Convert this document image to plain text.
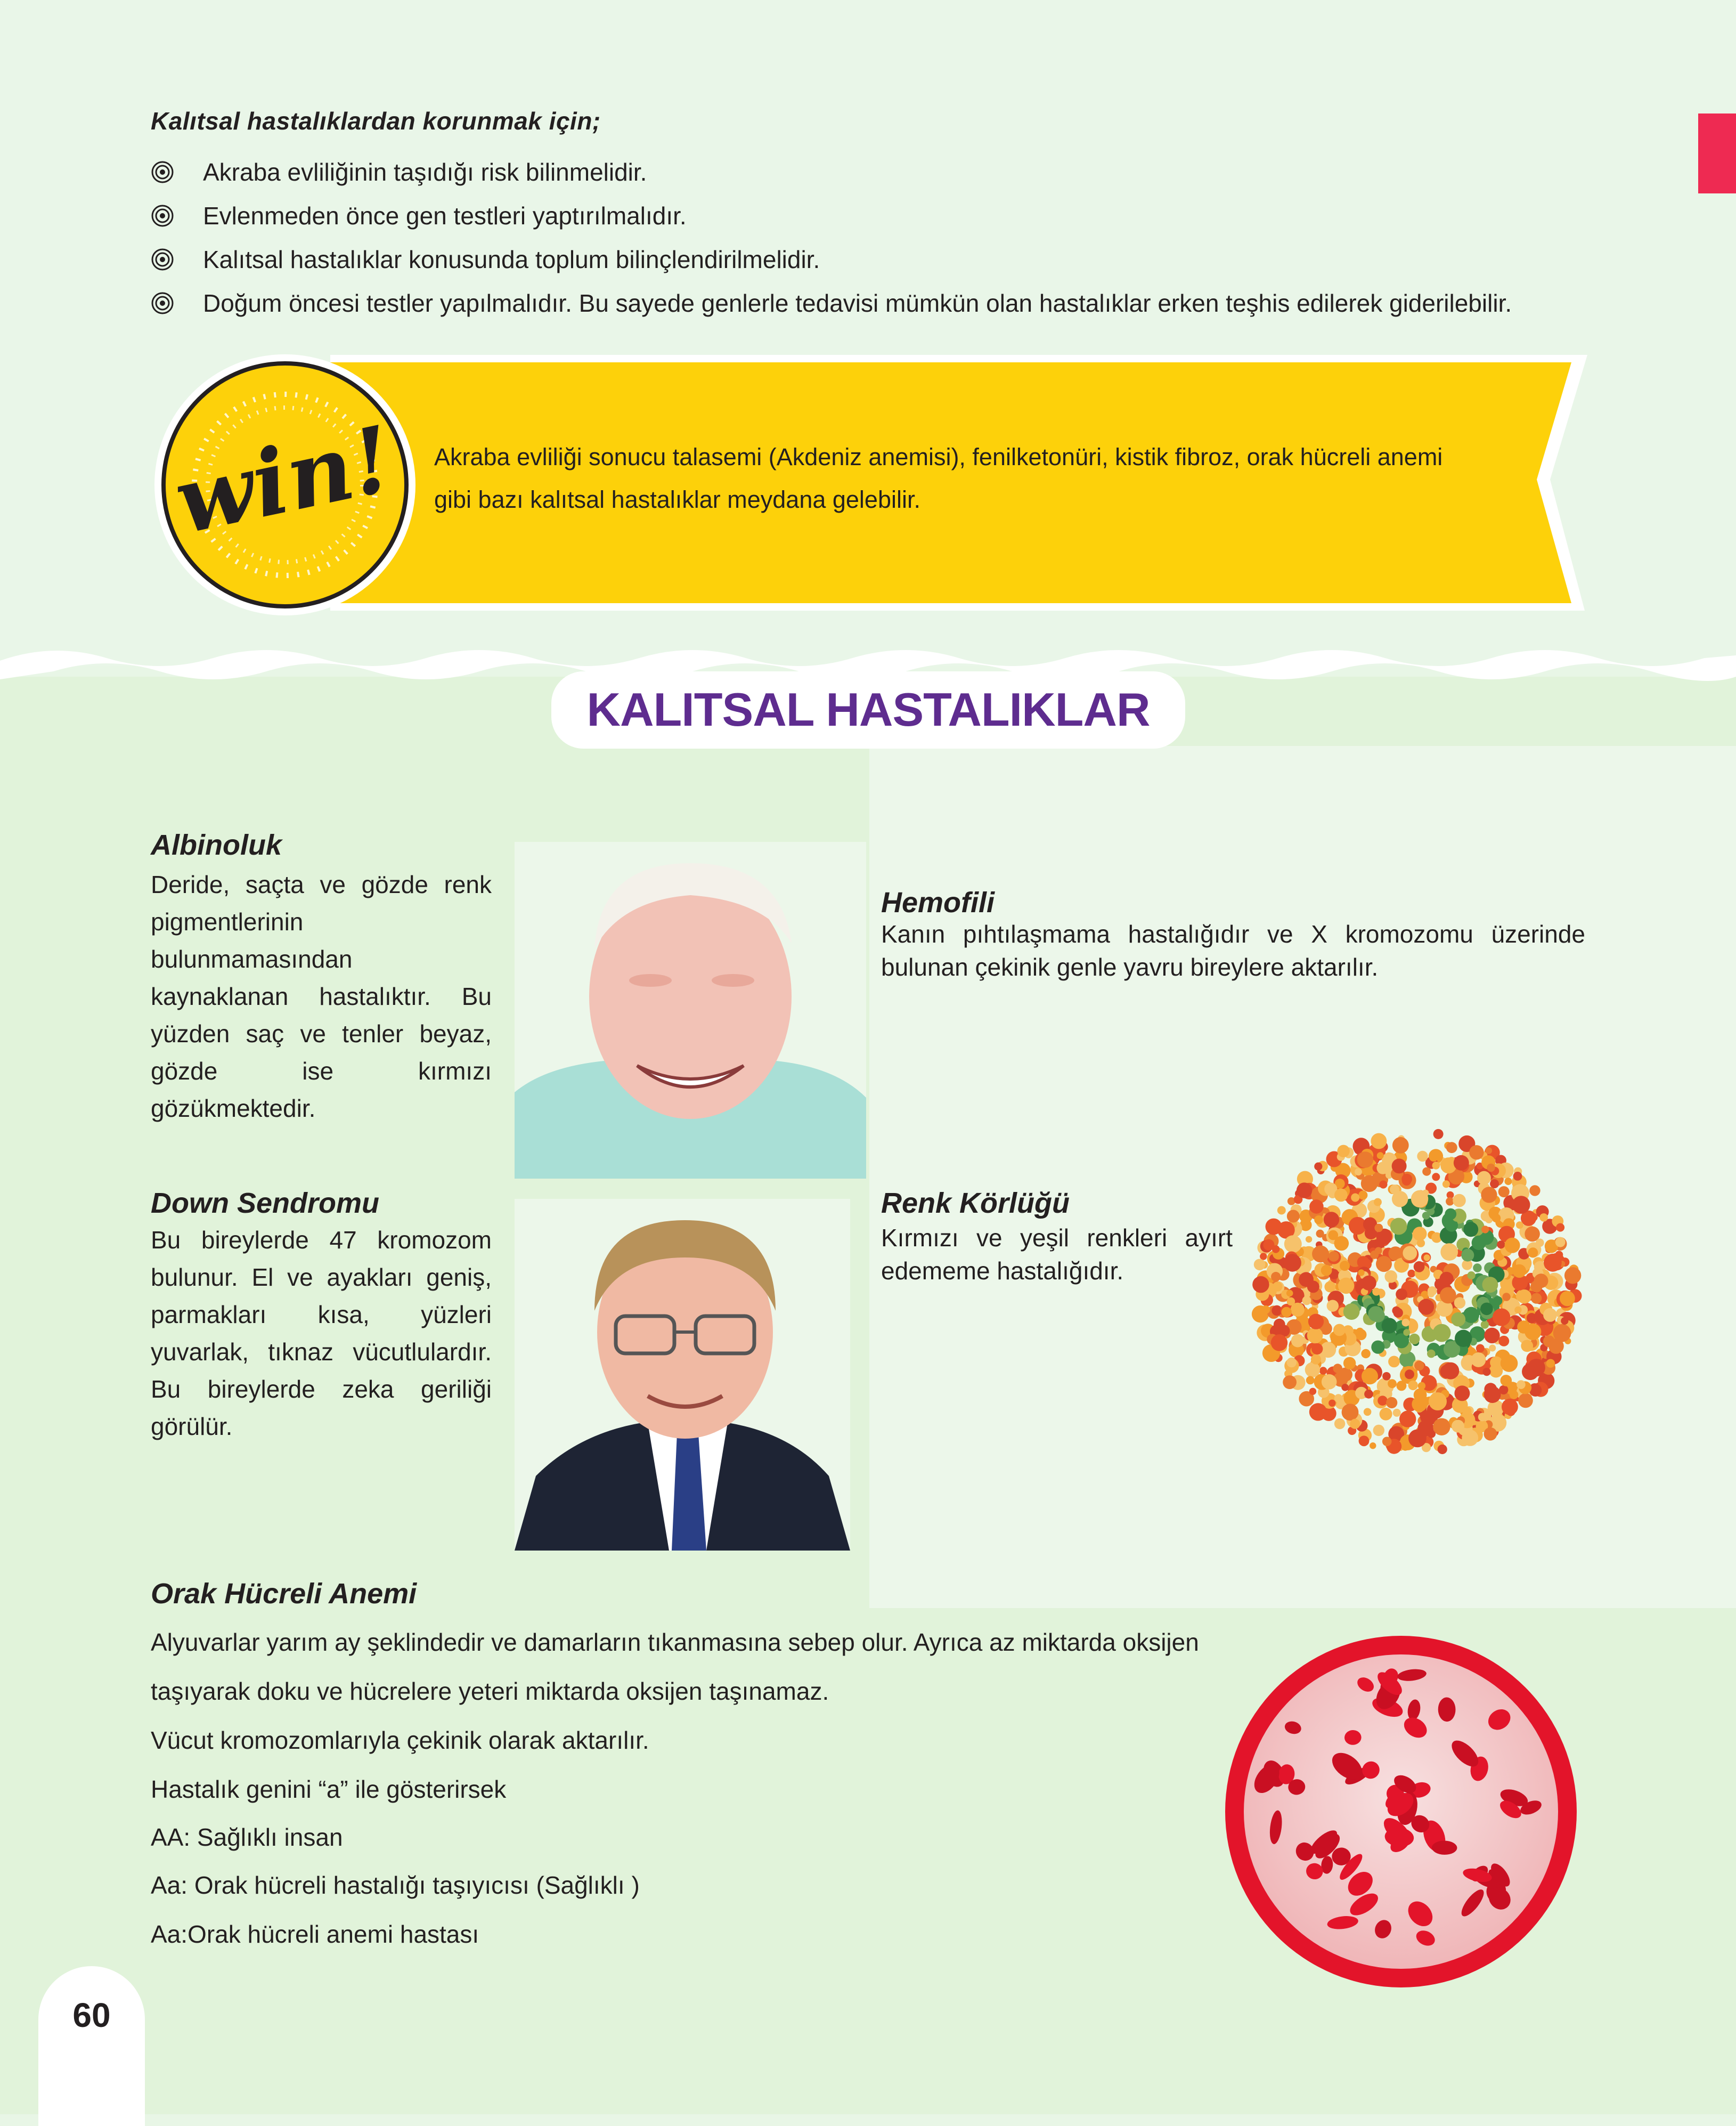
Kalıtsal hastalıklardan korunmak için;
Akraba evliliğinin taşıdığı risk bilinmelidir.
Evlenmeden önce gen testleri yaptırılmalıdır.
Kalıtsal hastalıklar konusunda toplum bilinçlendirilmelidir.
Doğum öncesi testler yapılmalıdır. Bu sayede genlerle tedavisi mümkün olan hastalıklar erken teşhis edilerek giderilebilir.
win! Akraba evliliği sonucu talasemi (Akdeniz anemisi), fenilketonüri, kistik fibroz, orak hücreli anemi
gibi bazı kalıtsal hastalıklar meydana gelebilir.
KALITSAL HASTALIKLAR
Albinoluk
Deride, saçta ve gözde renk pigmentlerinin bulunmamasından kaynaklanan hastalıktır. Bu yüzden saç ve tenler beyaz, gözde ise kırmızı gözükmektedir.
Hemofili
Kanın pıhtılaşmama hastalığıdır ve X kromozomu üzerinde bulunan çekinik genle yavru bireylere aktarılır.
Down Sendromu
Bu bireylerde 47 kromozom bulunur. El ve ayakları geniş, parmakları kısa, yüzleri yuvarlak, tıknaz vücutlulardır. Bu bireylerde zeka geriliği görülür.
Renk Körlüğü
Kırmızı ve yeşil renkleri ayırt edememe hastalığıdır.
Orak Hücreli Anemi
Alyuvarlar yarım ay şeklindedir ve damarların tıkanmasına sebep olur. Ayrıca az miktarda oksijen
taşıyarak doku ve hücrelere yeteri miktarda oksijen taşınamaz.
Vücut kromozomlarıyla çekinik olarak aktarılır.
Hastalık genini “a” ile gösterirsek
AA: Sağlıklı insan
Aa: Orak hücreli hastalığı taşıyıcısı (Sağlıklı )
Aa:Orak hücreli anemi hastası
60
